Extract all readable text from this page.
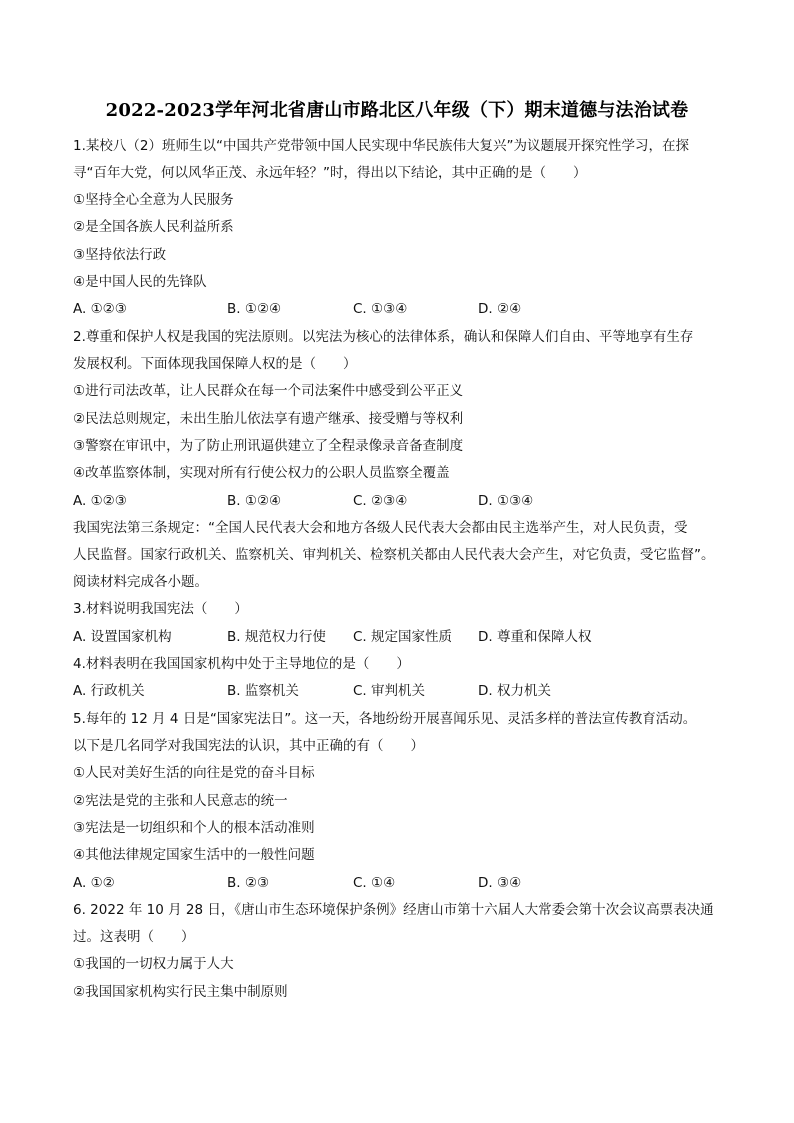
2022-2023学年河北省唐山市路北区八年级（下）期末道德与法治试卷
1.某校八（2）班师生以“中国共产党带领中国人民实现中华民族伟大复兴”为议题展开探究性学习，在探
寻“百年大党，何以风华正茂、永远年轻？”时，得出以下结论，其中正确的是（　　）
①坚持全心全意为人民服务
②是全国各族人民利益所系
③坚持依法行政
④是中国人民的先锋队
A. ①②③	B. ①②④	C. ①③④	D. ②④
2.尊重和保护人权是我国的宪法原则。以宪法为核心的法律体系，确认和保障人们自由、平等地享有生存
发展权利。下面体现我国保障人权的是（　　）
①进行司法改革，让人民群众在每一个司法案件中感受到公平正义
②民法总则规定，未出生胎儿依法享有遗产继承、接受赠与等权利
③警察在审讯中，为了防止刑讯逼供建立了全程录像录音备查制度
④改革监察体制，实现对所有行使公权力的公职人员监察全覆盖
A. ①②③	B. ①②④	C. ②③④	D. ①③④
我国宪法第三条规定：“全国人民代表大会和地方各级人民代表大会都由民主选举产生，对人民负责，受
人民监督。国家行政机关、监察机关、审判机关、检察机关都由人民代表大会产生，对它负责，受它监督”。
阅读材料完成各小题。
3.材料说明我国宪法（　　）
A. 设置国家机构	B. 规范权力行使 C. 规定国家性质 D. 尊重和保障人权
4.材料表明在我国国家机构中处于主导地位的是（　　）
A. 行政机关	B. 监察机关	C. 审判机关	D. 权力机关
5.每年的 12 月 4 日是“国家宪法日”。这一天，各地纷纷开展喜闻乐见、灵活多样的普法宣传教育活动。
以下是几名同学对我国宪法的认识，其中正确的有（　　）
①人民对美好生活的向往是党的奋斗目标
②宪法是党的主张和人民意志的统一
③宪法是一切组织和个人的根本活动准则
④其他法律规定国家生活中的一般性问题
A. ①②	B. ②③	C. ①④	D. ③④
6. 2022 年 10 月 28 日，《唐山市生态环境保护条例》经唐山市第十六届人大常委会第十次会议高票表决通
过。这表明（　　）
①我国的一切权力属于人大
②我国国家机构实行民主集中制原则
